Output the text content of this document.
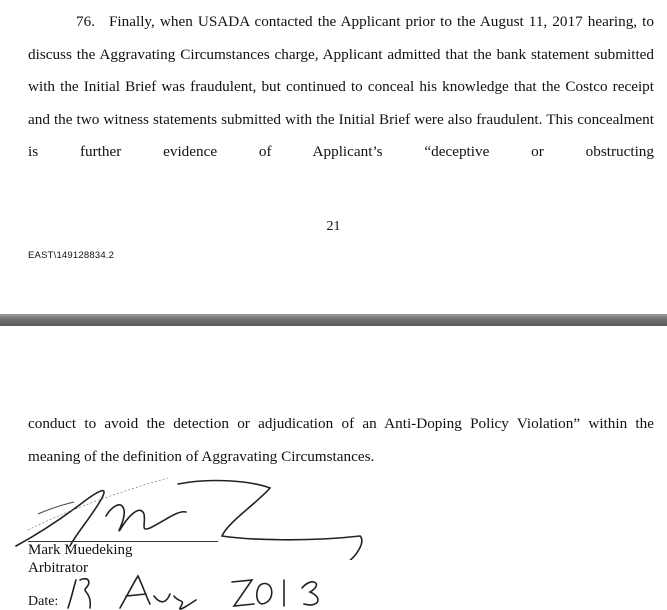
76. Finally, when USADA contacted the Applicant prior to the August 11, 2017 hearing, to discuss the Aggravating Circumstances charge, Applicant admitted that the bank statement submitted with the Initial Brief was fraudulent, but continued to conceal his knowledge that the Costco receipt and the two witness statements submitted with the Initial Brief were also fraudulent. This concealment is further evidence of Applicant’s “deceptive or obstructing

21
EAST\149128834.2
conduct to avoid the detection or adjudication of an Anti-Doping Policy Violation” within the
meaning of the definition of Aggravating Circumstances.
Mark Muedeking
Arbitrator
Date:
